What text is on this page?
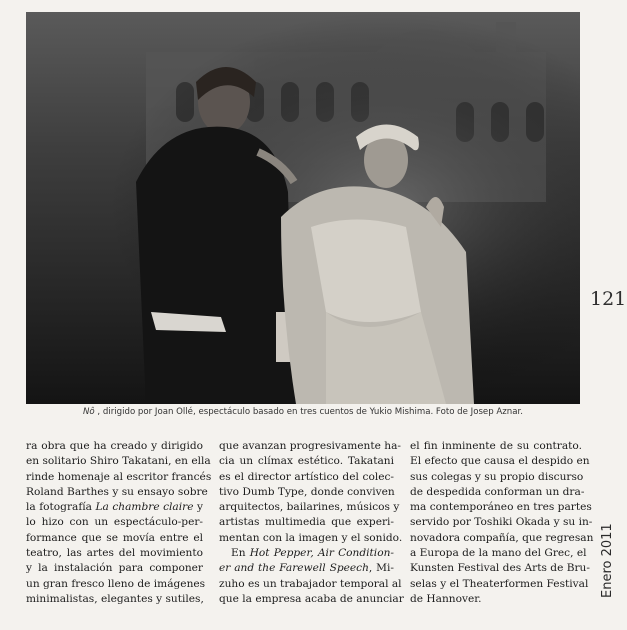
Nô , dirigido por Joan Ollé, espectáculo basado en tres cuentos de Yukio Mishima. Foto de Josep Aznar.
121
Enero 2011
ra obra que ha creado y dirigido
en solitario Shiro Takatani, en ella
rinde homenaje al escritor francés
Roland Barthes y su ensayo sobre
la fotografía La chambre claire y
lo hizo con un espectáculo-per-
formance que se movía entre el
teatro, las artes del movimiento
y la instalación para componer
un gran fresco lleno de imágenes
minimalistas, elegantes y sutiles,
que avanzan progresivamente ha-
cia un clímax estético. Takatani
es el director artístico del colec-
tivo Dumb Type, donde conviven
arquitectos, bailarines, músicos y
artistas multimedia que experi-
mentan con la imagen y el sonido.
En Hot Pepper, Air Condition-
er and the Farewell Speech, Mi-
zuho es un trabajador temporal al
que la empresa acaba de anunciar
el fin inminente de su contrato.
El efecto que causa el despido en
sus colegas y su propio discurso
de despedida conforman un dra-
ma contemporáneo en tres partes
servido por Toshiki Okada y su in-
novadora compañía, que regresan
a Europa de la mano del Grec, el
Kunsten Festival des Arts de Bru-
selas y el Theaterformen Festival
de Hannover.
